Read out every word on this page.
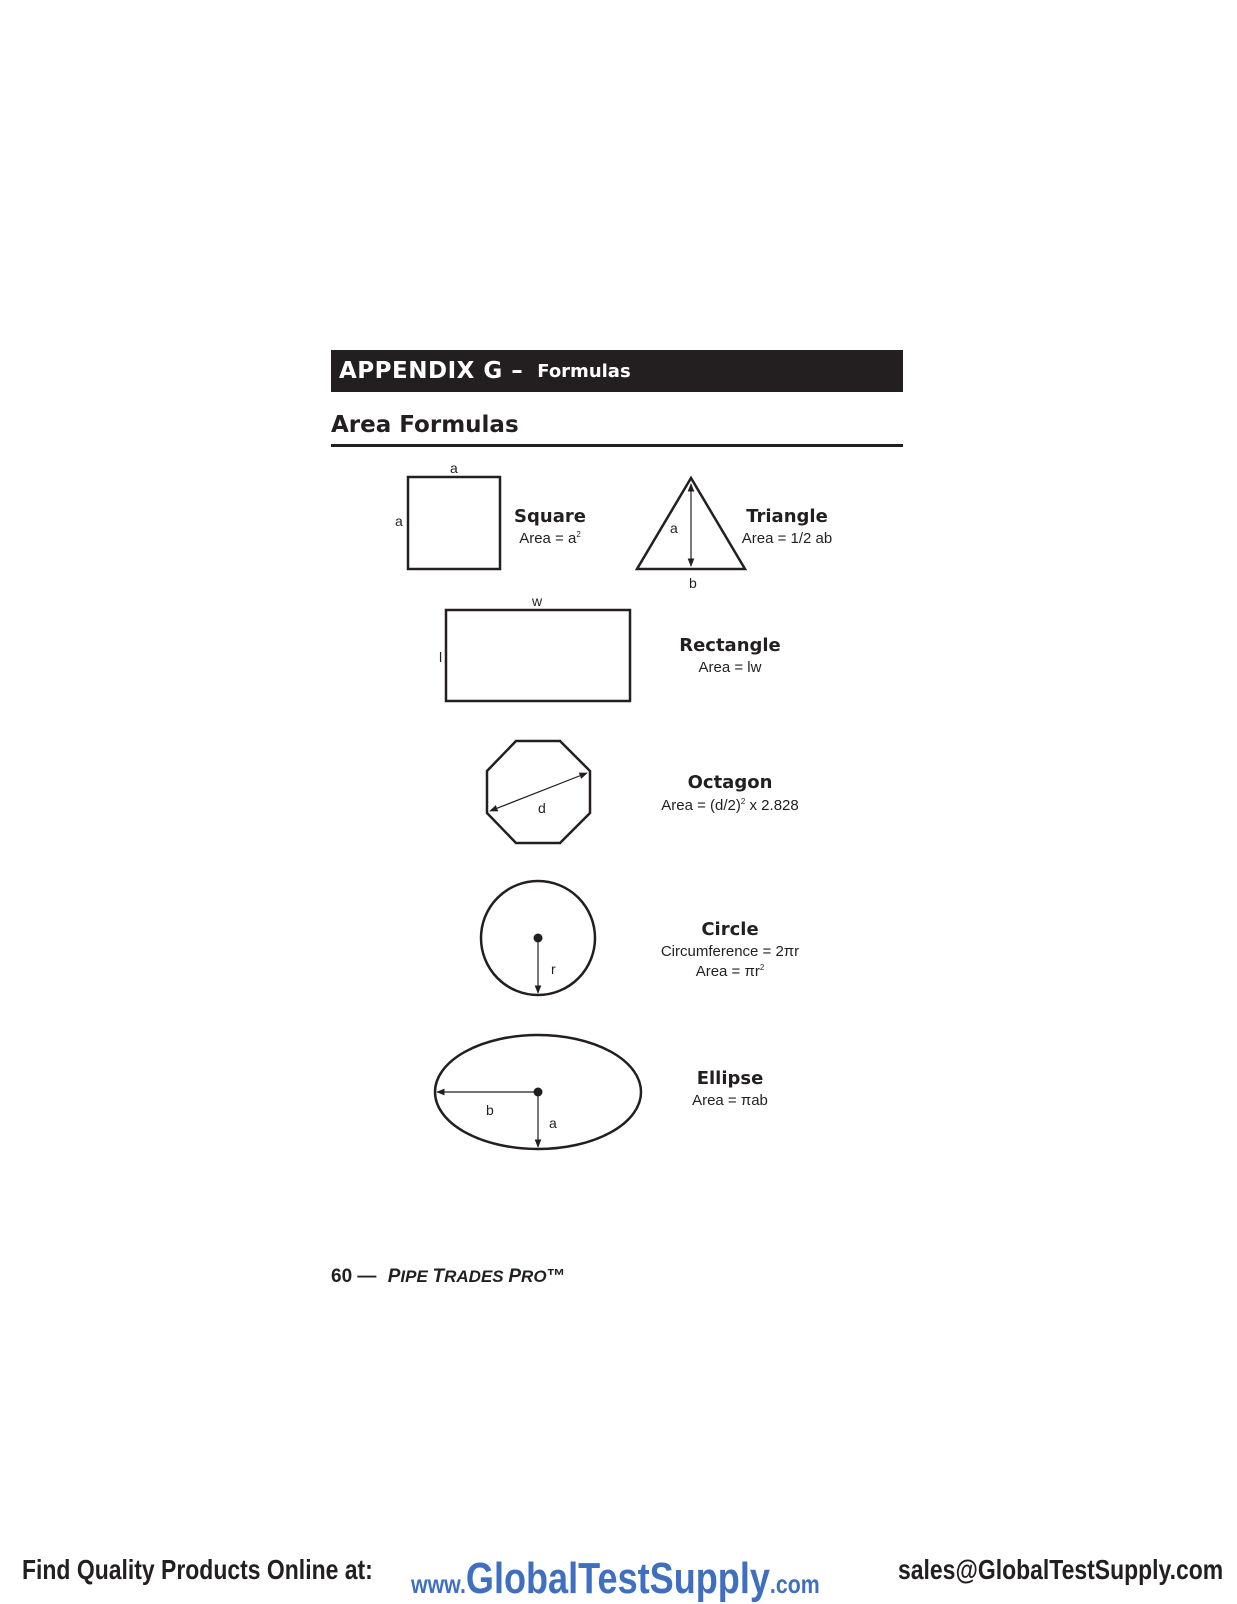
APPENDIX G – Formulas
Area Formulas
a
a	Square
Area = $a^2$	a
b
Triangle
Area = 1/2 ab
w
l
Rectangle
Area = lw
d
Octagon
Area = $(d/2)^2$ x 2.828
r
Circle
Circumference = 2πr
Area = $\pi r^2$
b
a
Ellipse
Area = πab
60 — PIPE TRADES PRO™
Find Quality Products Online at: www.GlobalTestSupply.com	sales@GlobalTestSupply.com
